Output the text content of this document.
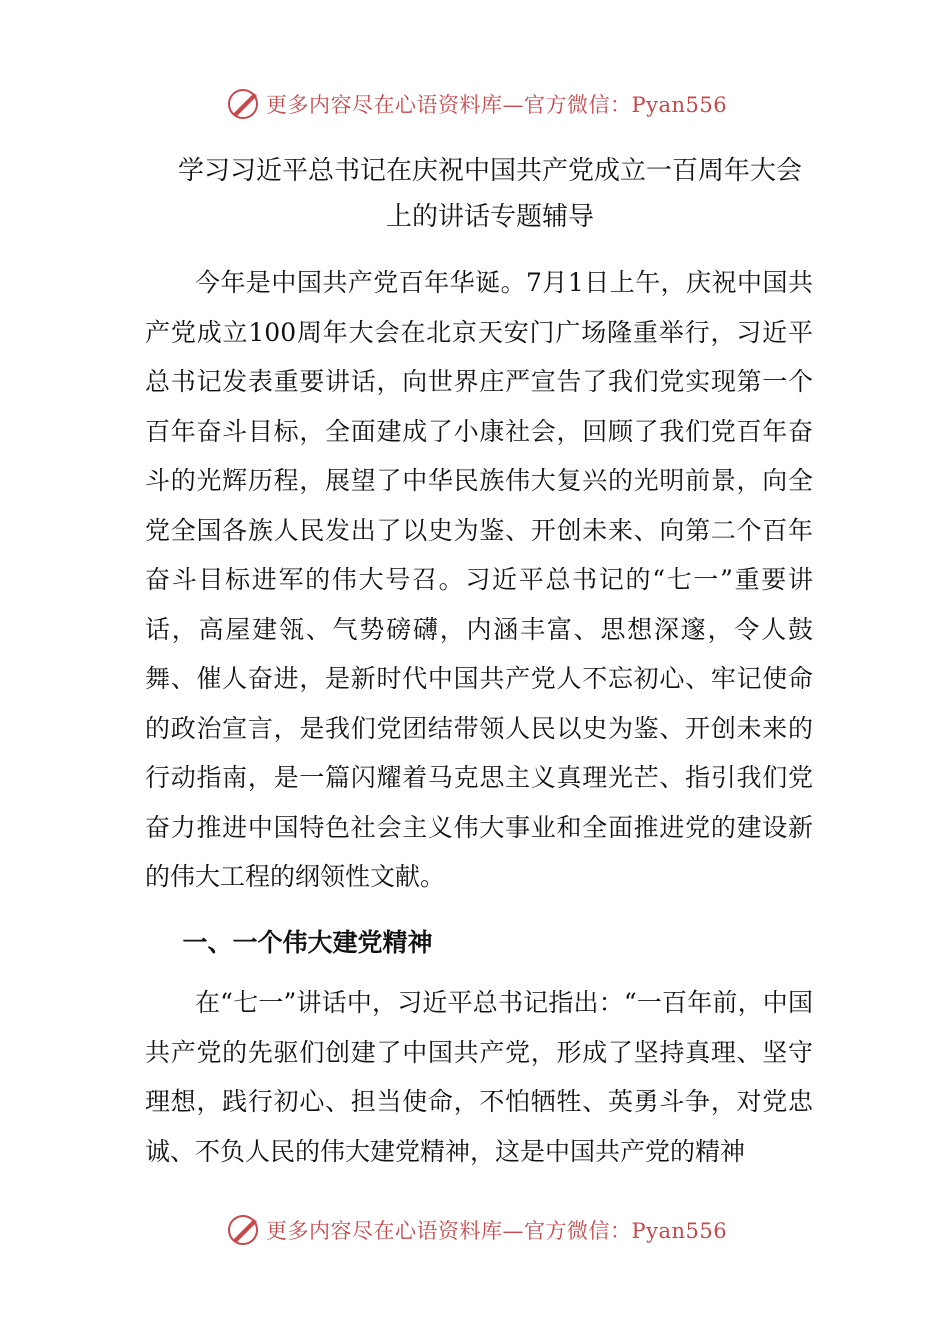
更多内容尽在心语资料库—官方微信：Pyan556
学习习近平总书记在庆祝中国共产党成立一百周年大会
上的讲话专题辅导

今年是中国共产党百年华诞。7月1日上午，庆祝中国共产党成立100周年大会在北京天安门广场隆重举行，习近平总书记发表重要讲话，向世界庄严宣告了我们党实现第一个百年奋斗目标，全面建成了小康社会，回顾了我们党百年奋斗的光辉历程，展望了中华民族伟大复兴的光明前景，向全党全国各族人民发出了以史为鉴、开创未来、向第二个百年奋斗目标进军的伟大号召。习近平总书记的“七一”重要讲话，高屋建瓴、气势磅礴，内涵丰富、思想深邃，令人鼓舞、催人奋进，是新时代中国共产党人不忘初心、牢记使命的政治宣言，是我们党团结带领人民以史为鉴、开创未来的行动指南，是一篇闪耀着马克思主义真理光芒、指引我们党奋力推进中国特色社会主义伟大事业和全面推进党的建设新的伟大工程的纲领性文献。

一、一个伟大建党精神

在“七一”讲话中，习近平总书记指出：“一百年前，中国共产党的先驱们创建了中国共产党，形成了坚持真理、坚守理想，践行初心、担当使命，不怕牺牲、英勇斗争，对党忠诚、不负人民的伟大建党精神，这是中国共产党的精神

更多内容尽在心语资料库—官方微信：Pyan556
